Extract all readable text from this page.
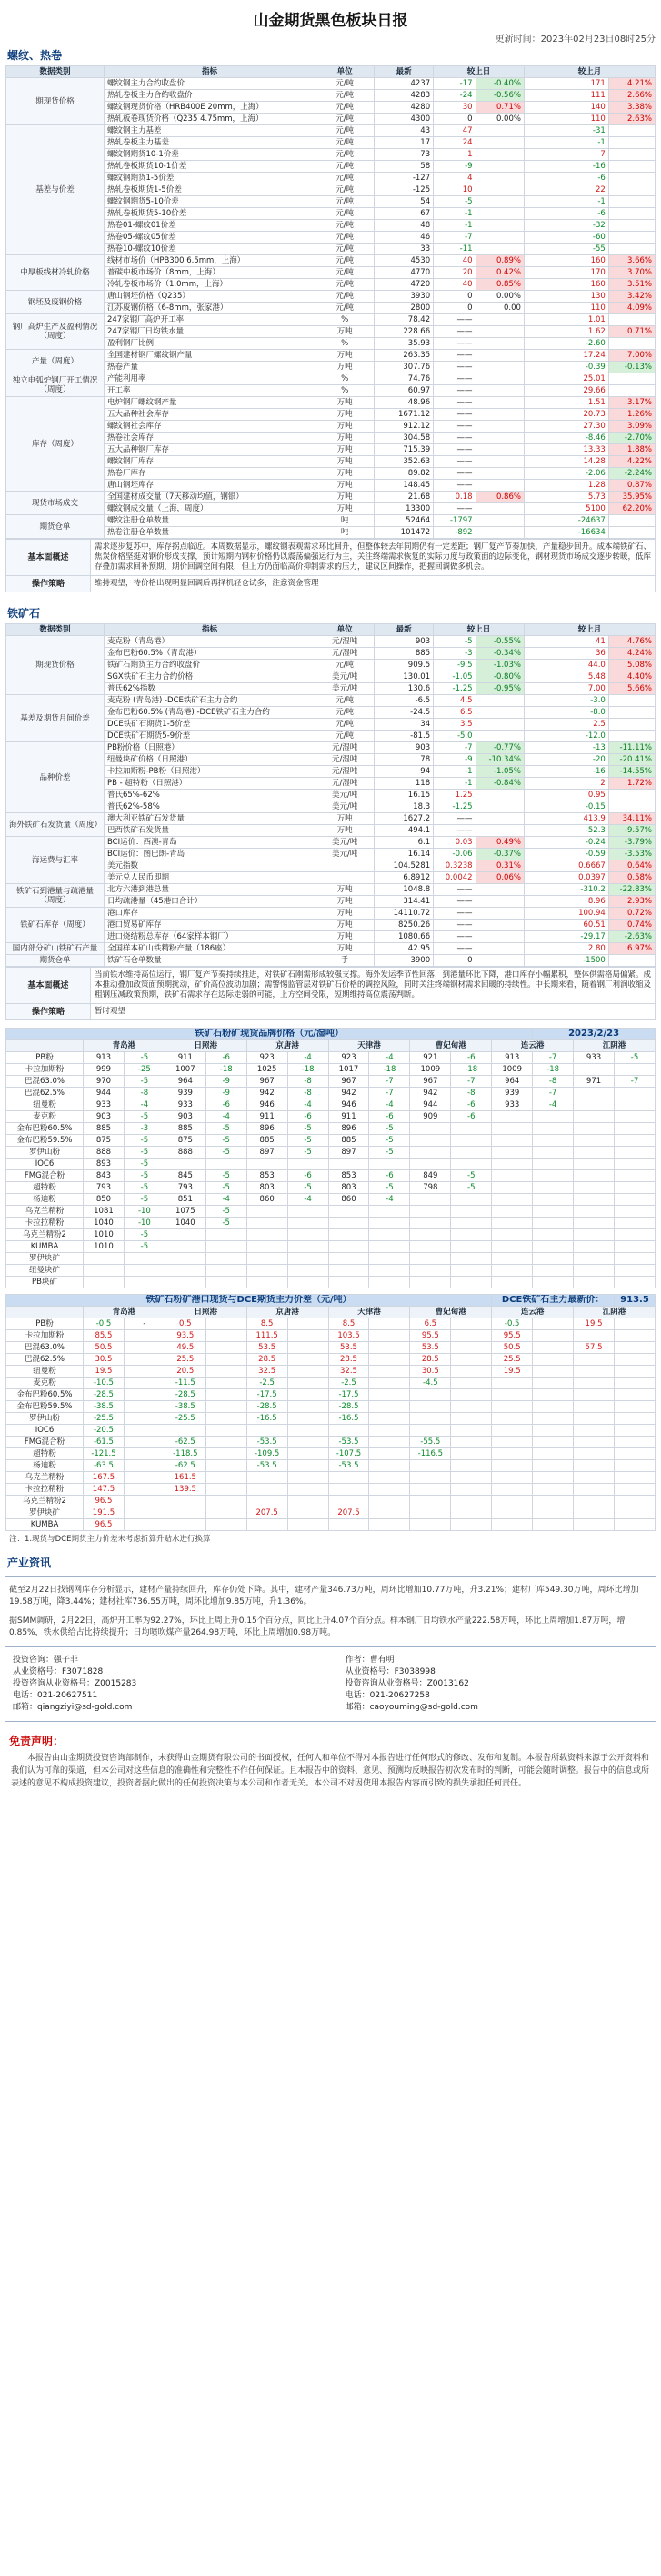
山金期货黑色板块日报
更新时间：2023年02月23日08时25分
螺纹、热卷
数据类别	指标	单位	最新	较上日		较上月	
期现货价格	螺纹钢主力合约收盘价	元/吨	4237	-17	-0.40%	171	4.21%
	热轧卷板主力合约收盘价	元/吨	4283	-24	-0.56%	111	2.66%
	螺纹钢现货价格（HRB400E 20mm，上海）	元/吨	4280	30	0.71%	140	3.38%
	热轧板卷现货价格（Q235 4.75mm，上海）	元/吨	4300	0	0.00%	110	2.63%
基差与价差	螺纹钢主力基差	元/吨	43	47		-31	
	热轧卷板主力基差	元/吨	17	24		-1	
	螺纹钢期货10-1价差	元/吨	73	1		7	
	热轧卷板期货10-1价差	元/吨	58	-9		-16	
	螺纹钢期货1-5价差	元/吨	-127	4		-6	
	热轧卷板期货1-5价差	元/吨	-125	10		22	
	螺纹钢期货5-10价差	元/吨	54	-5		-1	
	热轧卷板期货5-10价差	元/吨	67	-1		-6	
	热卷01-螺纹01价差	元/吨	48	-1		-32	
	热卷05-螺纹05价差	元/吨	46	-7		-60	
	热卷10-螺纹10价差	元/吨	33	-11		-55	
中厚板线材冷轧价格	线材市场价（HPB300 6.5mm，上海）	元/吨	4530	40	0.89%	160	3.66%
	普碳中板市场价（8mm，上海）	元/吨	4770	20	0.42%	170	3.70%
	冷轧卷板市场价（1.0mm，上海）	元/吨	4720	40	0.85%	160	3.51%
钢坯及废钢价格	唐山钢坯价格（Q235）	元/吨	3930	0	0.00%	130	3.42%
	江苏废钢价格（6-8mm，张家港）	元/吨	2800	0	0.00	110	4.09%
钢厂高炉生产及盈利情况（周度）	247家钢厂高炉开工率	%	78.42	——		1.01	
	247家钢厂日均铁水量	万吨	228.66	——		1.62	0.71%
	盈利钢厂比例	%	35.93	——		-2.60	
产量（周度）	全国建材钢厂螺纹钢产量	万吨	263.35	——		17.24	7.00%
	热卷产量	万吨	307.76	——		-0.39	-0.13%
独立电弧炉钢厂开工情况（周度）	产能利用率	%	74.76	——		25.01	
	开工率	%	60.97	——		29.66	
库存（周度）	电炉钢厂螺纹钢产量	万吨	48.96	——		1.51	3.17%
	五大品种社会库存	万吨	1671.12	——		20.73	1.26%
	螺纹钢社会库存	万吨	912.12	——		27.30	3.09%
	热卷社会库存	万吨	304.58	——		-8.46	-2.70%
	五大品种钢厂库存	万吨	715.39	——		13.33	1.88%
	螺纹钢厂库存	万吨	352.63	——		14.28	4.22%
	热卷厂库存	万吨	89.82	——		-2.06	-2.24%
	唐山钢坯库存	万吨	148.45	——		1.28	0.87%
现货市场成交	全国建材成交量（7天移动均值，钢银）	万吨	21.68	0.18	0.86%	5.73	35.95%
	螺纹钢成交量（上海，周度）	万吨	13300	——		5100	62.20%
期货仓单	螺纹注册仓单数量	吨	52464	-1797		-24637	
	热卷注册仓单数量	吨	101472	-892		-16634	
基本面概述	需求逐步复苏中，库存拐点临近。本周数据显示，螺纹钢表观需求环比回升，但整体较去年同期仍有一定差距；钢厂复产节奏加快，产量稳步回升。成本端铁矿石、焦炭价格坚挺对钢价形成支撑，预计短期内钢材价格仍以震荡偏强运行为主，关注终端需求恢复的实际力度与政策面的边际变化，钢材现货市场成交逐步转暖，低库存叠加需求回补预期，期价回调空间有限，但上方仍面临高价抑制需求的压力，建议区间操作，把握回调做多机会。
操作策略	维持观望，待价格出现明显回调后再择机轻仓试多，注意资金管理
铁矿石
数据类别	指标	单位	最新	较上日		较上月	
期现货价格	麦克粉（青岛港）	元/湿吨	903	-5	-0.55%	41	4.76%
	金布巴粉60.5%（青岛港）	元/湿吨	885	-3	-0.34%	36	4.24%
	铁矿石期货主力合约收盘价	元/吨	909.5	-9.5	-1.03%	44.0	5.08%
	SGX铁矿石主力合约价格	美元/吨	130.01	-1.05	-0.80%	5.48	4.40%
	普氏62%指数	美元/吨	130.6	-1.25	-0.95%	7.00	5.66%
基差及期货月间价差	麦克粉 (青岛港) -DCE铁矿石主力合约	元/吨	-6.5	4.5		-3.0	
	金布巴粉60.5% (青岛港) -DCE铁矿石主力合约	元/吨	-24.5	6.5		-8.0	
	DCE铁矿石期货1-5价差	元/吨	34	3.5		2.5	
	DCE铁矿石期货5-9价差	元/吨	-81.5	-5.0		-12.0	
品种价差	PB粉价格（日照港）	元/湿吨	903	-7	-0.77%	-13	-11.11%
	纽曼块矿价格（日照港）	元/湿吨	78	-9	-10.34%	-20	-20.41%
	卡拉加斯粉-PB粉（日照港）	元/湿吨	94	-1	-1.05%	-16	-14.55%
	PB - 超特粉（日照港）	元/湿吨	118	-1	-0.84%	2	1.72%
	普氏65%-62%	美元/吨	16.15	1.25		0.95	
	普氏62%-58%	美元/吨	18.3	-1.25		-0.15	
海外铁矿石发货量（周度）	澳大利亚铁矿石发货量	万吨	1627.2	——		413.9	34.11%
	巴西铁矿石发货量	万吨	494.1	——		-52.3	-9.57%
海运费与汇率	BCI运价：西澳-青岛	美元/吨	6.1	0.03	0.49%	-0.24	-3.79%
	BCI运价：图巴朗-青岛	美元/吨	16.14	-0.06	-0.37%	-0.59	-3.53%
	美元指数		104.5281	0.3238	0.31%	0.6667	0.64%
	美元兑人民币即期		6.8912	0.0042	0.06%	0.0397	0.58%
铁矿石到港量与疏港量（周度）	北方六港到港总量	万吨	1048.8	——		-310.2	-22.83%
	日均疏港量（45港口合计）	万吨	314.41	——		8.96	2.93%
铁矿石库存（周度）	港口库存	万吨	14110.72	——		100.94	0.72%
	港口贸易矿库存	万吨	8250.26	——		60.51	0.74%
	进口烧结粉总库存（64家样本钢厂）	万吨	1080.66	——		-29.17	-2.63%
国内部分矿山铁矿石产量	全国样本矿山铁精粉产量（186座）	万吨	42.95	——		2.80	6.97%
期货仓单	铁矿石仓单数量	手	3900	0		-1500	
基本面概述	当前铁水维持高位运行，钢厂复产节奏持续推进，对铁矿石刚需形成较强支撑。海外发运季节性回落，到港量环比下降，港口库存小幅累积，整体供需格局偏紧。成本推动叠加政策面预期扰动，矿价高位波动加剧；需警惕监管层对铁矿石价格的调控风险，同时关注终端钢材需求回暖的持续性。中长期来看，随着钢厂利润收缩及粗钢压减政策预期，铁矿石需求存在边际走弱的可能，上方空间受限，短期维持高位震荡判断。
操作策略	暂时观望
铁矿石粉矿现货品牌价格（元/湿吨）												2023/2/23		
	青岛港		日照港		京唐港		天津港		曹妃甸港		连云港		江阴港	
PB粉	913	-5	911	-6	923	-4	923	-4	921	-6	913	-7	933	-5
卡拉加斯粉	999	-25	1007	-18	1025	-18	1017	-18	1009	-18	1009	-18		
巴混63.0%	970	-5	964	-9	967	-8	967	-7	967	-7	964	-8	971	-7
巴混62.5%	944	-8	939	-9	942	-8	942	-7	942	-8	939	-7		
纽曼粉	933	-4	933	-6	946	-4	946	-4	944	-6	933	-4		
麦克粉	903	-5	903	-4	911	-6	911	-6	909	-6				
金布巴粉60.5%	885	-3	885	-5	896	-5	896	-5						
金布巴粉59.5%	875	-5	875	-5	885	-5	885	-5						
罗伊山粉	888	-5	888	-5	897	-5	897	-5						
IOC6	893	-5												
FMG混合粉	843	-5	845	-5	853	-6	853	-6	849	-5				
超特粉	793	-5	793	-5	803	-5	803	-5	798	-5				
杨迪粉	850	-5	851	-4	860	-4	860	-4						
乌克兰精粉	1081	-10	1075	-5										
卡拉拉精粉	1040	-10	1040	-5										
乌克兰精粉2	1010	-5												
KUMBA	1010	-5												
罗伊块矿														
纽曼块矿														
PB块矿														
铁矿石粉矿港口现货与DCE期货主力价差（元/吨）											DCE铁矿石主力最新价：			913.5
	青岛港		日照港		京唐港		天津港		曹妃甸港		连云港		江阴港	
PB粉	-0.5	-	0.5		8.5		8.5		6.5		-0.5		19.5	
卡拉加斯粉	85.5		93.5		111.5		103.5		95.5		95.5			
巴混63.0%	50.5		49.5		53.5		53.5		53.5		50.5		57.5	
巴混62.5%	30.5		25.5		28.5		28.5		28.5		25.5			
纽曼粉	19.5		20.5		32.5		32.5		30.5		19.5			
麦克粉	-10.5		-11.5		-2.5		-2.5		-4.5					
金布巴粉60.5%	-28.5		-28.5		-17.5		-17.5							
金布巴粉59.5%	-38.5		-38.5		-28.5		-28.5							
罗伊山粉	-25.5		-25.5		-16.5		-16.5							
IOC6	-20.5													
FMG混合粉	-61.5		-62.5		-53.5		-53.5		-55.5					
超特粉	-121.5		-118.5		-109.5		-107.5		-116.5					
杨迪粉	-63.5		-62.5		-53.5		-53.5							
乌克兰精粉	167.5		161.5											
卡拉拉精粉	147.5		139.5											
乌克兰精粉2	96.5													
罗伊块矿	191.5				207.5		207.5							
KUMBA	96.5													
注：1.现货与DCE期货主力价差未考虑折算升贴水进行换算
产业资讯

截至2月22日找钢网库存分析显示，建材产量持续回升，库存仍处下降。其中，建材产量346.73万吨，周环比增加10.77万吨，升3.21%；建材厂库549.30万吨，周环比增加19.58万吨，降3.44%；建材社库736.55万吨，周环比增加9.85万吨，升1.36%。

据SMM调研，2月22日，高炉开工率为92.27%，环比上周上升0.15个百分点，同比上升4.07个百分点。样本钢厂日均铁水产量222.58万吨，环比上周增加1.87万吨，增0.85%，铁水供给占比持续提升；日均喷吹煤产量264.98万吨，环比上周增加0.98万吨。

投资咨询：强子菲
从业资格号：F3071828
投资咨询从业资格号：Z0015283
电话：021-20627511
邮箱：qiangziyi@sd-gold.com
作者：曹有明
从业资格号：F3038998
投资咨询从业资格号：Z0013162
电话：021-20627258
邮箱：caoyouming@sd-gold.com
免责声明：
本报告由山金期货投资咨询部制作，未获得山金期货有限公司的书面授权，任何人和单位不得对本报告进行任何形式的修改、发布和复制。本报告所载资料来源于公开资料和我们认为可靠的渠道，但本公司对这些信息的准确性和完整性不作任何保证。且本报告中的资料、意见、预测均反映报告初次发布时的判断，可能会随时调整。报告中的信息或所表述的意见不构成投资建议，投资者据此做出的任何投资决策与本公司和作者无关。本公司不对因使用本报告内容而引致的损失承担任何责任。
